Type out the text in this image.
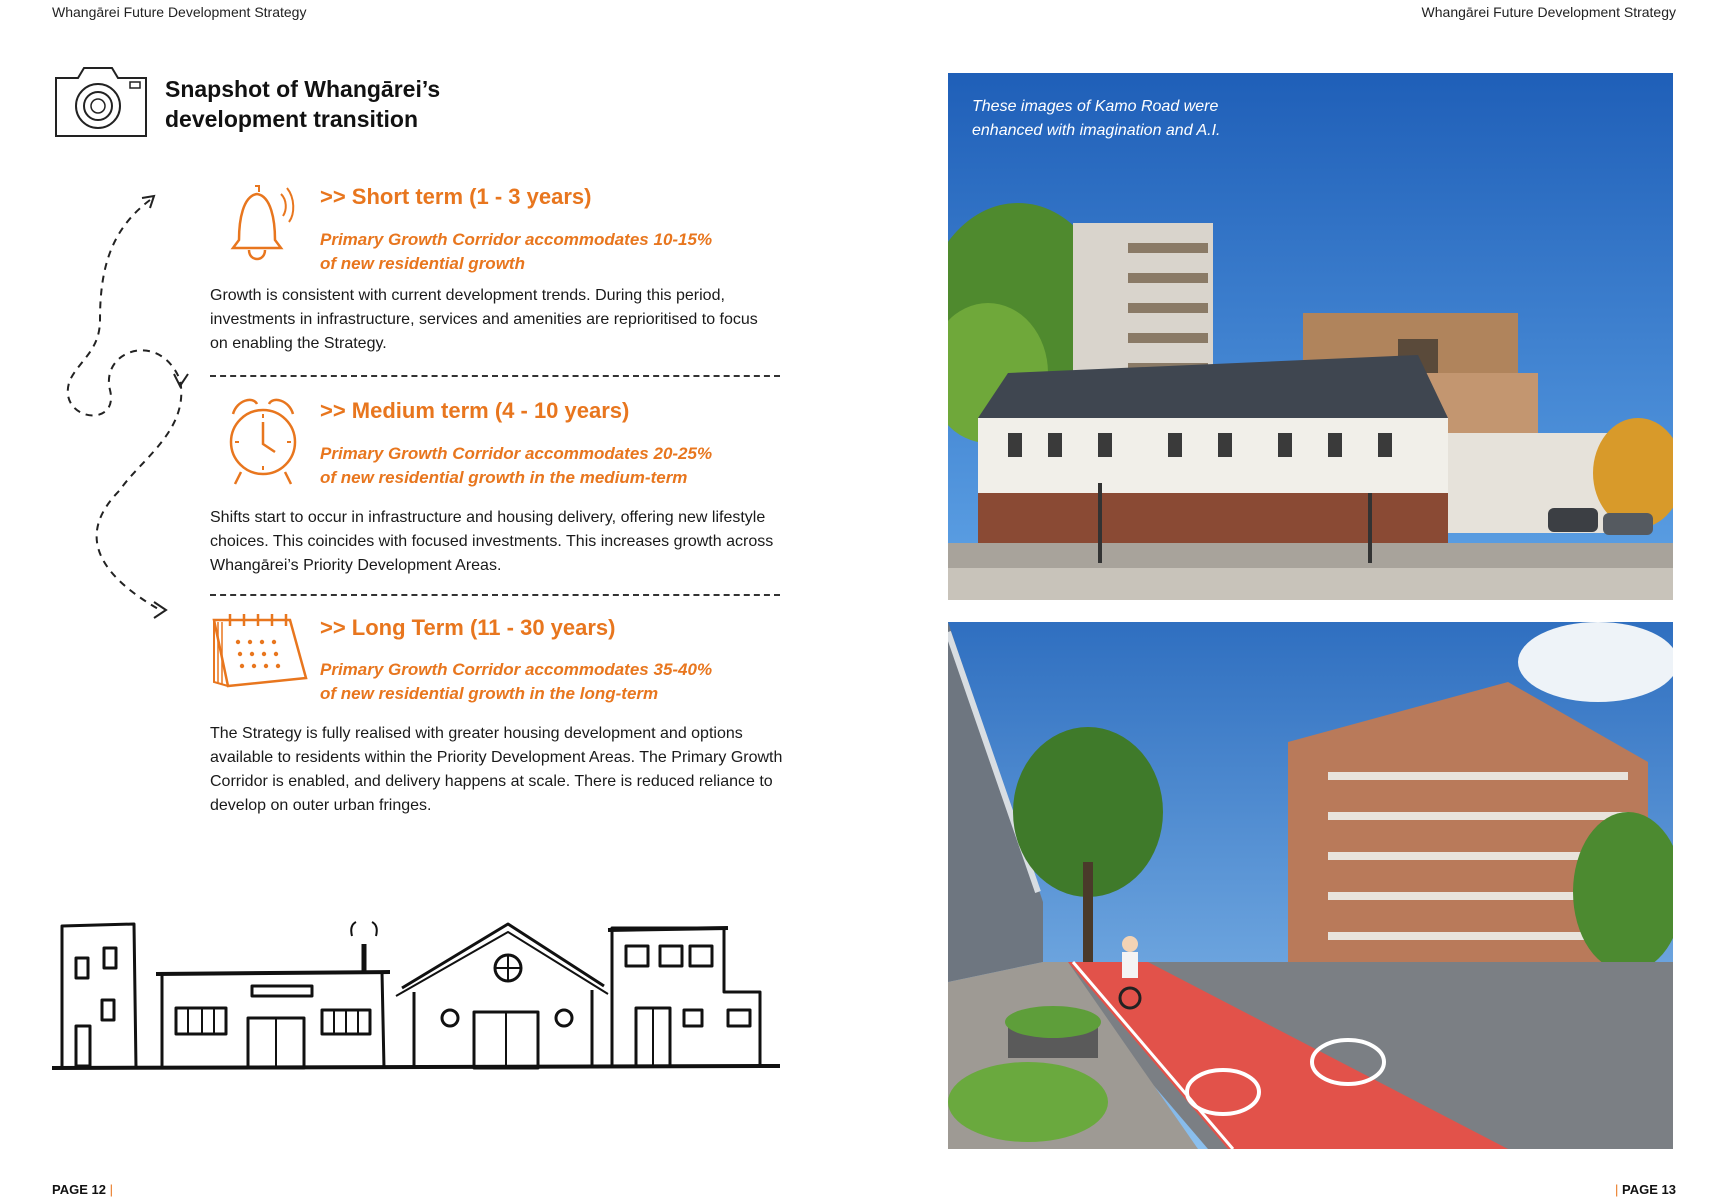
Whangārei Future Development Strategy	Whangārei Future Development Strategy
Snapshot of Whangārei’s
development transition
>> Short term (1 - 3 years)
Primary Growth Corridor accommodates 10-15%
of new residential growth
Growth is consistent with current development trends. During this period, investments in infrastructure, services and amenities are reprioritised to focus on enabling the Strategy.
>> Medium term (4 - 10 years)
Primary Growth Corridor accommodates 20-25%
of new residential growth in the medium-term
Shifts start to occur in infrastructure and housing delivery, offering new lifestyle choices. This coincides with focused investments. This increases growth across Whangārei’s Priority Development Areas.
>> Long Term (11 - 30 years)
Primary Growth Corridor accommodates 35-40%
of new residential growth in the long-term
The Strategy is fully realised with greater housing development and options available to residents within the Priority Development Areas. The Primary Growth Corridor is enabled, and delivery happens at scale. There is reduced reliance to develop on outer urban fringes.
These images of Kamo Road were enhanced with imagination and A.I.
PAGE 12 |	| PAGE 13
